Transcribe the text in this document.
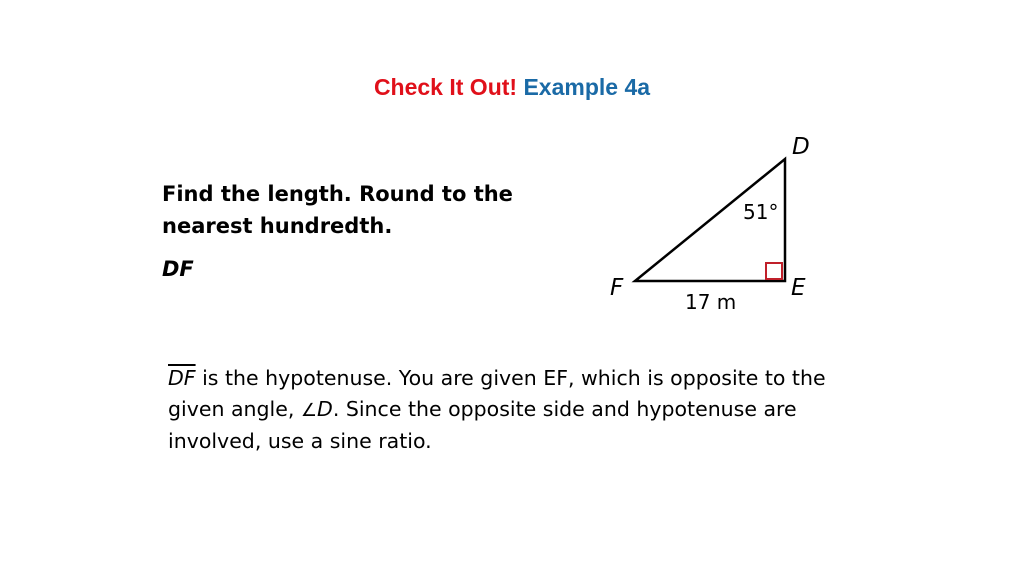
Check It Out! Example 4a
Find the length. Round to the
nearest hundredth.
DF
D
E
F
51°
17 m
$\overline{DF}$ is the hypotenuse. You are given EF, which is opposite to the given angle, ∠D. Since the opposite side and hypotenuse are involved, use a sine ratio.
